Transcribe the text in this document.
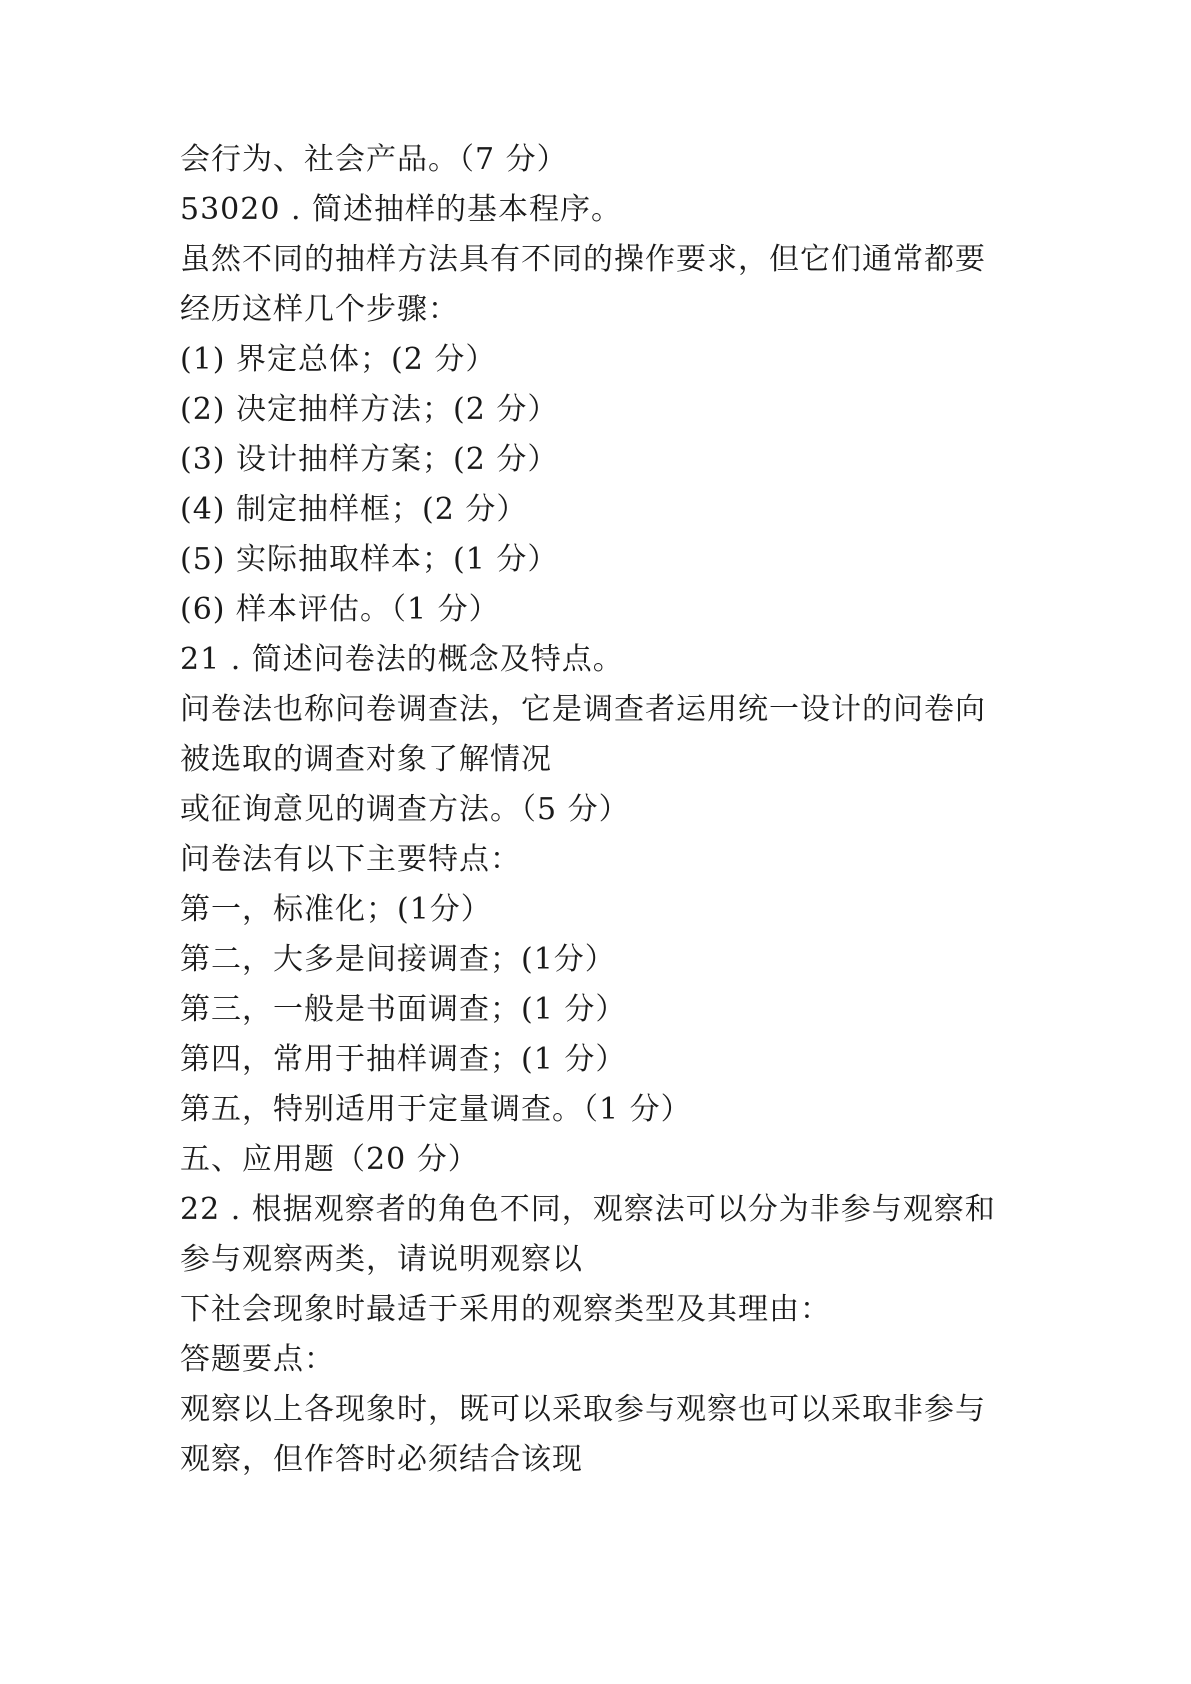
会行为、社会产品。（7 分）
53020 . 简述抽样的基本程序。
虽然不同的抽样方法具有不同的操作要求，但它们通常都要
经历这样几个步骤：
(1) 界定总体；(2 分）
(2) 决定抽样方法；(2 分）
(3) 设计抽样方案；(2 分）
(4) 制定抽样框；(2 分）
(5) 实际抽取样本；(1 分）
(6) 样本评估。（1 分）
21 . 简述问卷法的概念及特点。
问卷法也称问卷调查法，它是调查者运用统一设计的问卷向
被选取的调查对象了解情况
或征询意见的调查方法。（5 分）
问卷法有以下主要特点：
第一，标准化；(1分）
第二，大多是间接调查；(1分）
第三，一般是书面调查；(1 分）
第四，常用于抽样调查；(1 分）
第五，特别适用于定量调查。（1 分）
五、应用题（20 分）
22 . 根据观察者的角色不同，观察法可以分为非参与观察和
参与观察两类，请说明观察以
下社会现象时最适于采用的观察类型及其理由：
答题要点：
观察以上各现象时，既可以采取参与观察也可以采取非参与
观察，但作答时必须结合该现
